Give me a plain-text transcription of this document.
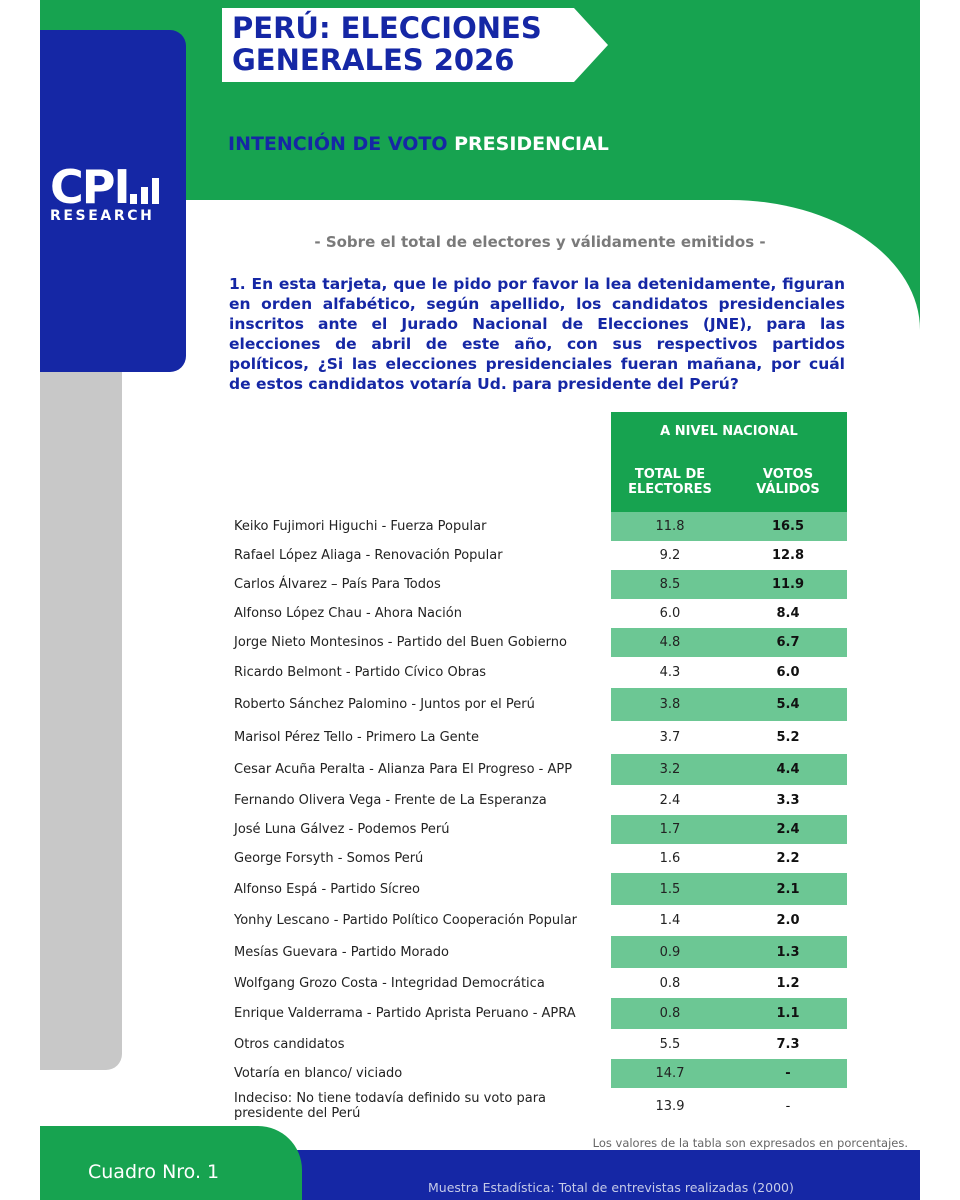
CPI
RESEARCH
PERÚ: ELECCIONES
GENERALES 2026
INTENCIÓN DE VOTO PRESIDENCIAL
- Sobre el total de electores y válidamente emitidos -
1. En esta tarjeta, que le pido por favor la lea detenidamente, figuran en orden alfabético, según apellido, los candidatos presidenciales inscritos ante el Jurado Nacional de Elecciones (JNE), para las elecciones de abril de este año, con sus respectivos partidos políticos, ¿Si las elecciones presidenciales fueran mañana, por cuál de estos candidatos votaría Ud. para presidente del Perú?
A NIVEL NACIONAL
TOTAL DE
ELECTORES
VOTOS
VÁLIDOS
Keiko Fujimori Higuchi - Fuerza Popular	11.8	16.5
Rafael López Aliaga - Renovación Popular	9.2	12.8
Carlos Álvarez – País Para Todos	8.5	11.9
Alfonso López Chau - Ahora Nación	6.0	8.4
Jorge Nieto Montesinos - Partido del Buen Gobierno	4.8	6.7
Ricardo Belmont - Partido Cívico Obras	4.3	6.0
Roberto Sánchez Palomino - Juntos por el Perú	3.8	5.4
Marisol Pérez Tello - Primero La Gente	3.7	5.2
Cesar Acuña Peralta - Alianza Para El Progreso - APP	3.2	4.4
Fernando Olivera Vega - Frente de La Esperanza	2.4	3.3
José Luna Gálvez - Podemos Perú	1.7	2.4
George Forsyth - Somos Perú	1.6	2.2
Alfonso Espá - Partido Sícreo	1.5	2.1
Yonhy Lescano - Partido Político Cooperación Popular	1.4	2.0
Mesías Guevara - Partido Morado	0.9	1.3
Wolfgang Grozo Costa - Integridad Democrática	0.8	1.2
Enrique Valderrama - Partido Aprista Peruano - APRA	0.8	1.1
Otros candidatos	5.5	7.3
Votaría en blanco/ viciado	14.7	-
Indeciso: No tiene todavía definido su voto para presidente del Perú	13.9	-
Los valores de la tabla son expresados en porcentajes.
Cuadro Nro. 1
Muestra Estadística: Total de entrevistas realizadas (2000)
